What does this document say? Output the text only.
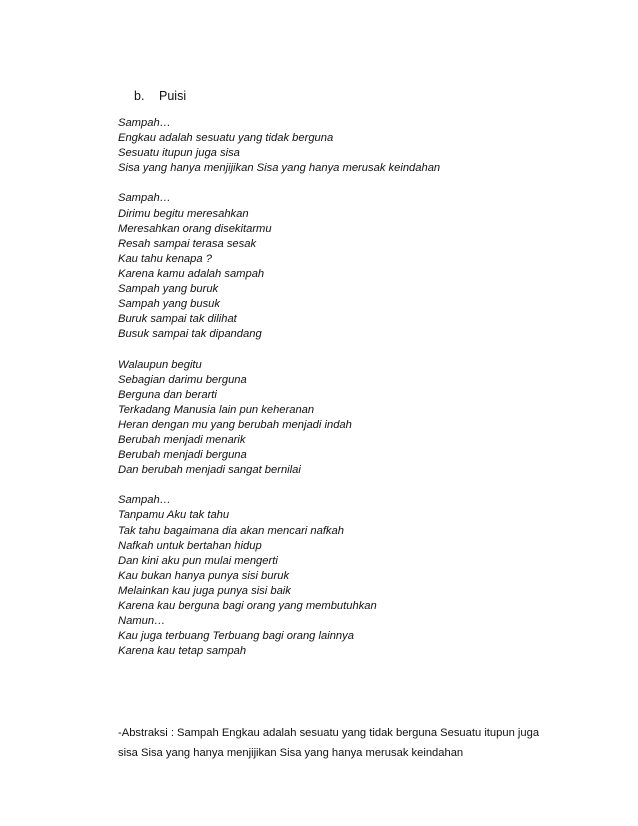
b. Puisi
Sampah…
Engkau adalah sesuatu yang tidak berguna
Sesuatu itupun juga sisa
Sisa yang hanya menjijikan Sisa yang hanya merusak keindahan
Sampah…
Dirimu begitu meresahkan
Meresahkan orang disekitarmu
Resah sampai terasa sesak
Kau tahu kenapa ?
Karena kamu adalah sampah
Sampah yang buruk
Sampah yang busuk
Buruk sampai tak dilihat
Busuk sampai tak dipandang
Walaupun begitu
Sebagian darimu berguna
Berguna dan berarti
Terkadang Manusia lain pun keheranan
Heran dengan mu yang berubah menjadi indah
Berubah menjadi menarik
Berubah menjadi berguna
Dan berubah menjadi sangat bernilai
Sampah…
Tanpamu Aku tak tahu
Tak tahu bagaimana dia akan mencari nafkah
Nafkah untuk bertahan hidup
Dan kini aku pun mulai mengerti
Kau bukan hanya punya sisi buruk
Melainkan kau juga punya sisi baik
Karena kau berguna bagi orang yang membutuhkan
Namun…
Kau juga terbuang Terbuang bagi orang lainnya
Karena kau tetap sampah

-Abstraksi : Sampah Engkau adalah sesuatu yang tidak berguna Sesuatu itupun juga sisa Sisa yang hanya menjijikan Sisa yang hanya merusak keindahan
